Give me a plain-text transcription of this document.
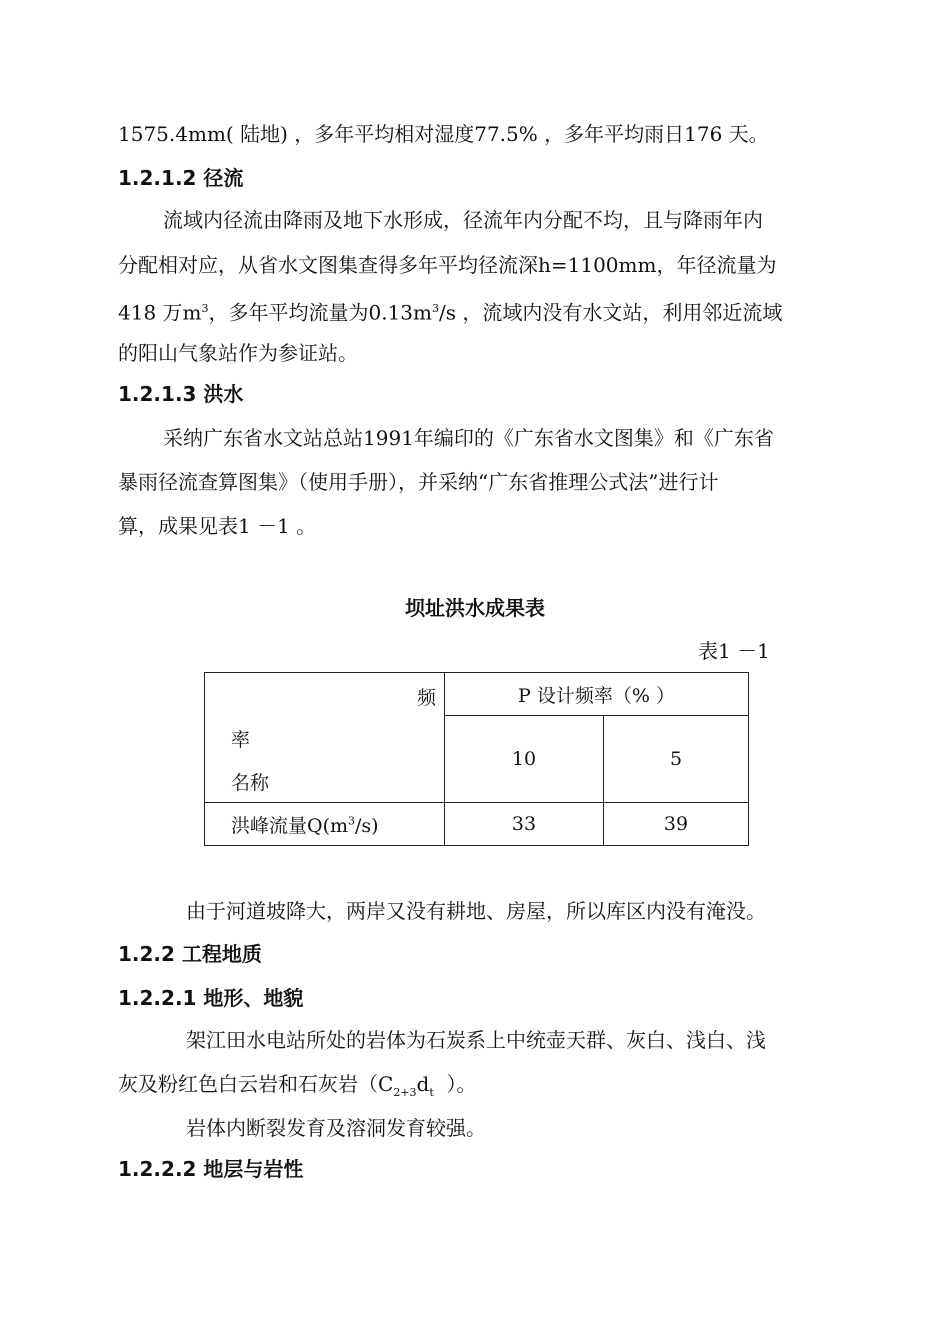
1575.4mm( 陆地) ，多年平均相对湿度77.5% ，多年平均雨日176 天。

1.2.1.2 径流

流域内径流由降雨及地下水形成，径流年内分配不均，且与降雨年内

分配相对应，从省水文图集查得多年平均径流深h=1100mm，年径流量为

418 万$m^3$，多年平均流量为$0.13m^3/s$ ，流域内没有水文站，利用邻近流域

的阳山气象站作为参证站。

1.2.1.3 洪水

采纳广东省水文站总站1991年编印的《广东省水文图集》和《广东省

暴雨径流查算图集》（使用手册），并采纳“广东省推理公式法”进行计

算，成果见表1 －1 。

坝址洪水成果表
表1 －1
频
率
名称	P 设计频率（% ）	
	10	5
洪峰流量$Q(m^3/s)$	33	39

由于河道坡降大，两岸又没有耕地、房屋，所以库区内没有淹没。

1.2.2 工程地质

1.2.2.1 地形、地貌

架江田水电站所处的岩体为石炭系上中统壶天群、灰白、浅白、浅

灰及粉红色白云岩和石灰岩（$C_{2+3}d_t$  ）。

岩体内断裂发育及溶洞发育较强。

1.2.2.2 地层与岩性
